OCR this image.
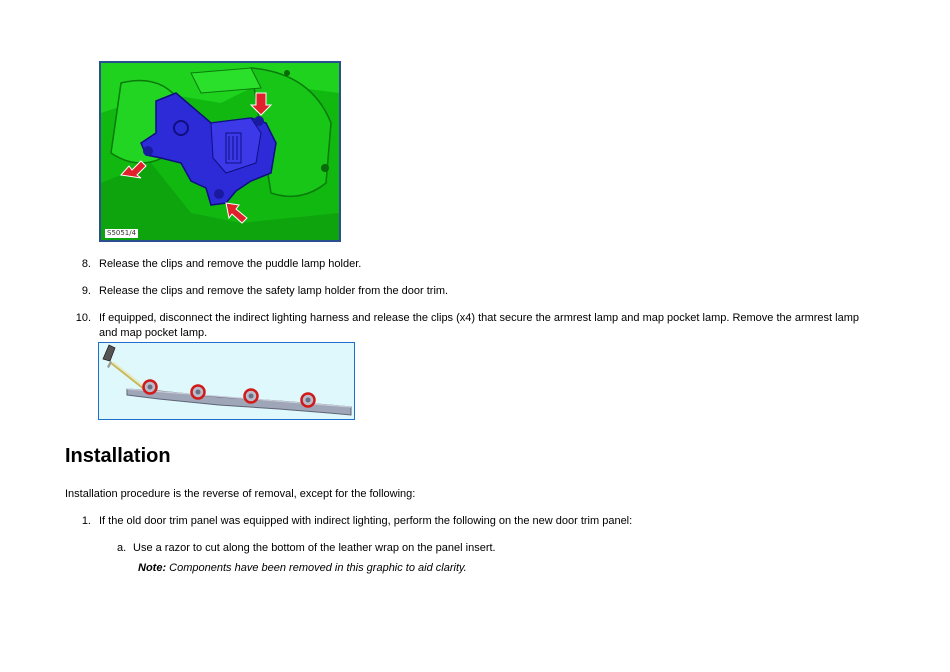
S5051/4
8. Release the clips and remove the puddle lamp holder.
9. Release the clips and remove the safety lamp holder from the door trim.
10. If equipped, disconnect the indirect lighting harness and release the clips (x4) that secure the armrest lamp and map pocket lamp. Remove the armrest lamp
and map pocket lamp.
Installation
Installation procedure is the reverse of removal, except for the following:
1. If the old door trim panel was equipped with indirect lighting, perform the following on the new door trim panel:
a. Use a razor to cut along the bottom of the leather wrap on the panel insert.
Note: Components have been removed in this graphic to aid clarity.
